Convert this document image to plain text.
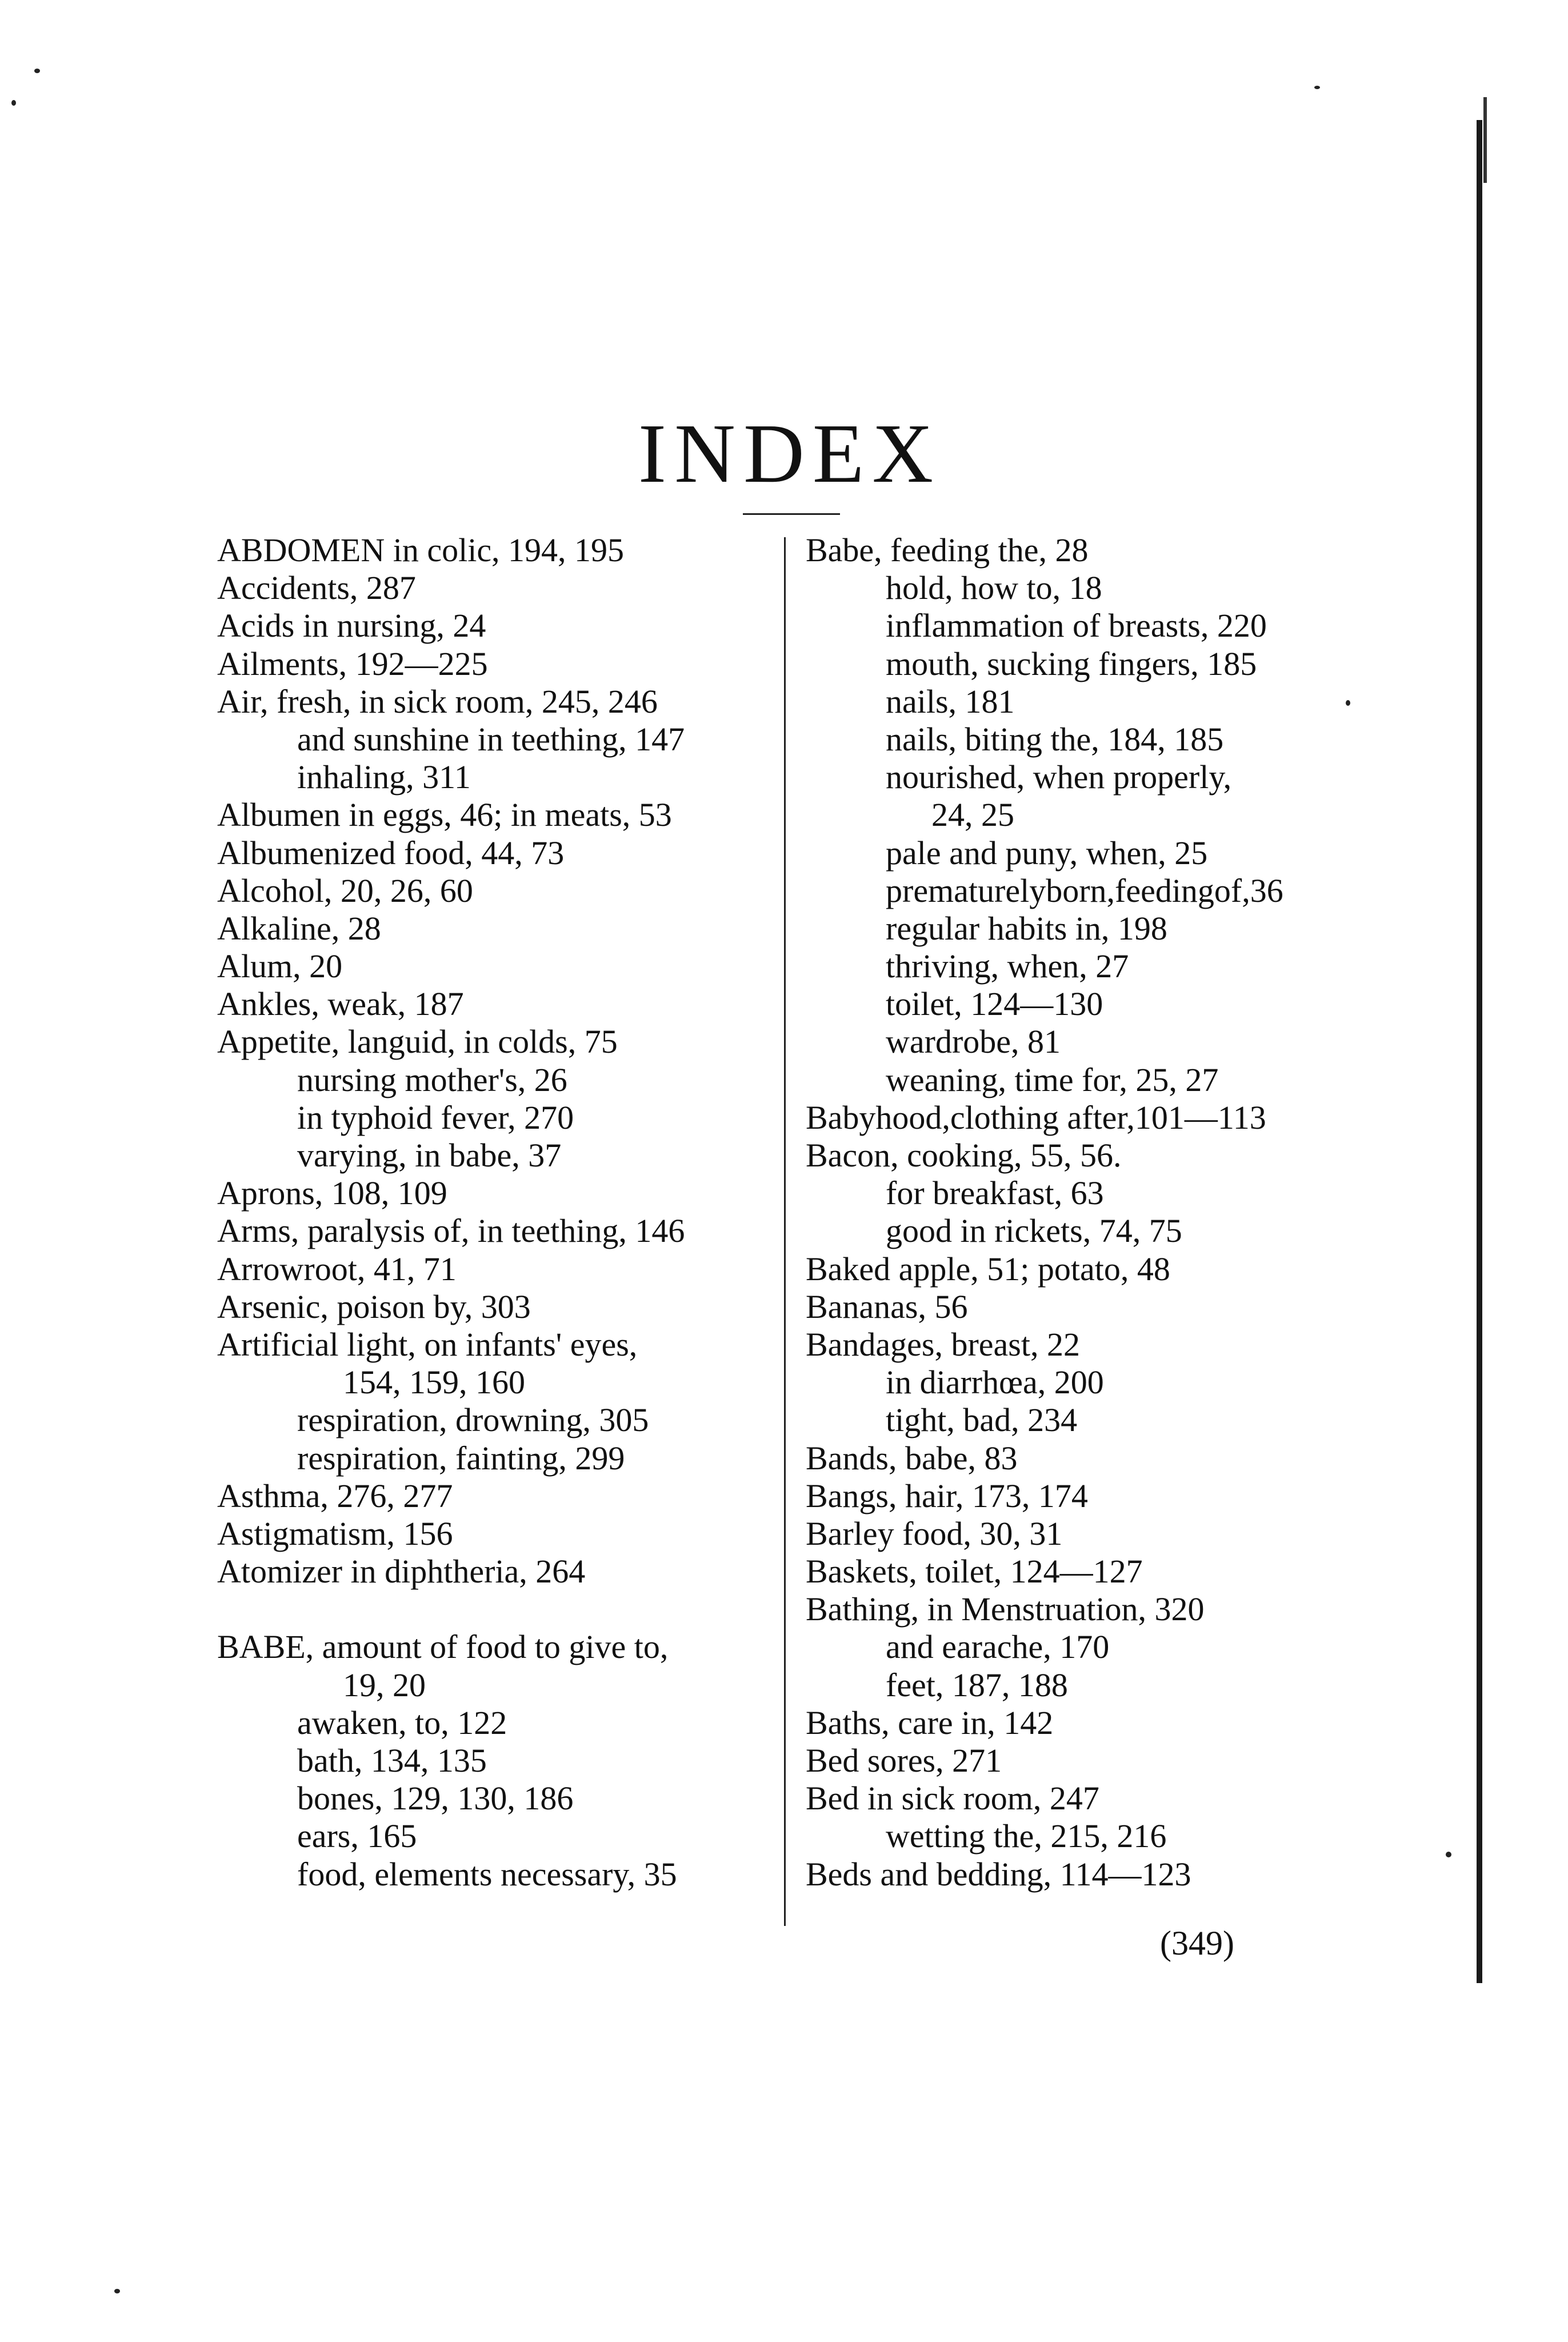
INDEX
ABDOMEN in colic, 194, 195
Accidents, 287
Acids in nursing, 24
Ailments, 192—225
Air, fresh, in sick room, 245, 246
and sunshine in teething, 147
inhaling, 311
Albumen in eggs, 46; in meats, 53
Albumenized food, 44, 73
Alcohol, 20, 26, 60
Alkaline, 28
Alum, 20
Ankles, weak, 187
Appetite, languid, in colds, 75
nursing mother's, 26
in typhoid fever, 270
varying, in babe, 37
Aprons, 108, 109
Arms, paralysis of, in teething, 146
Arrowroot, 41, 71
Arsenic, poison by, 303
Artificial light, on infants' eyes,
154, 159, 160
respiration, drowning, 305
respiration, fainting, 299
Asthma, 276, 277
Astigmatism, 156
Atomizer in diphtheria, 264
BABE, amount of food to give to,
19, 20
awaken, to, 122
bath, 134, 135
bones, 129, 130, 186
ears, 165
food, elements necessary, 35
Babe, feeding the, 28
hold, how to, 18
inflammation of breasts, 220
mouth, sucking fingers, 185
nails, 181
nails, biting the, 184, 185
nourished, when properly,
24, 25
pale and puny, when, 25
prematurelyborn,feedingof,36
regular habits in, 198
thriving, when, 27
toilet, 124—130
wardrobe, 81
weaning, time for, 25, 27
Babyhood,clothing after,101—113
Bacon, cooking, 55, 56.
for breakfast, 63
good in rickets, 74, 75
Baked apple, 51; potato, 48
Bananas, 56
Bandages, breast, 22
in diarrhœa, 200
tight, bad, 234
Bands, babe, 83
Bangs, hair, 173, 174
Barley food, 30, 31
Baskets, toilet, 124—127
Bathing, in Menstruation, 320
and earache, 170
feet, 187, 188
Baths, care in, 142
Bed sores, 271
Bed in sick room, 247
wetting the, 215, 216
Beds and bedding, 114—123
(349)
